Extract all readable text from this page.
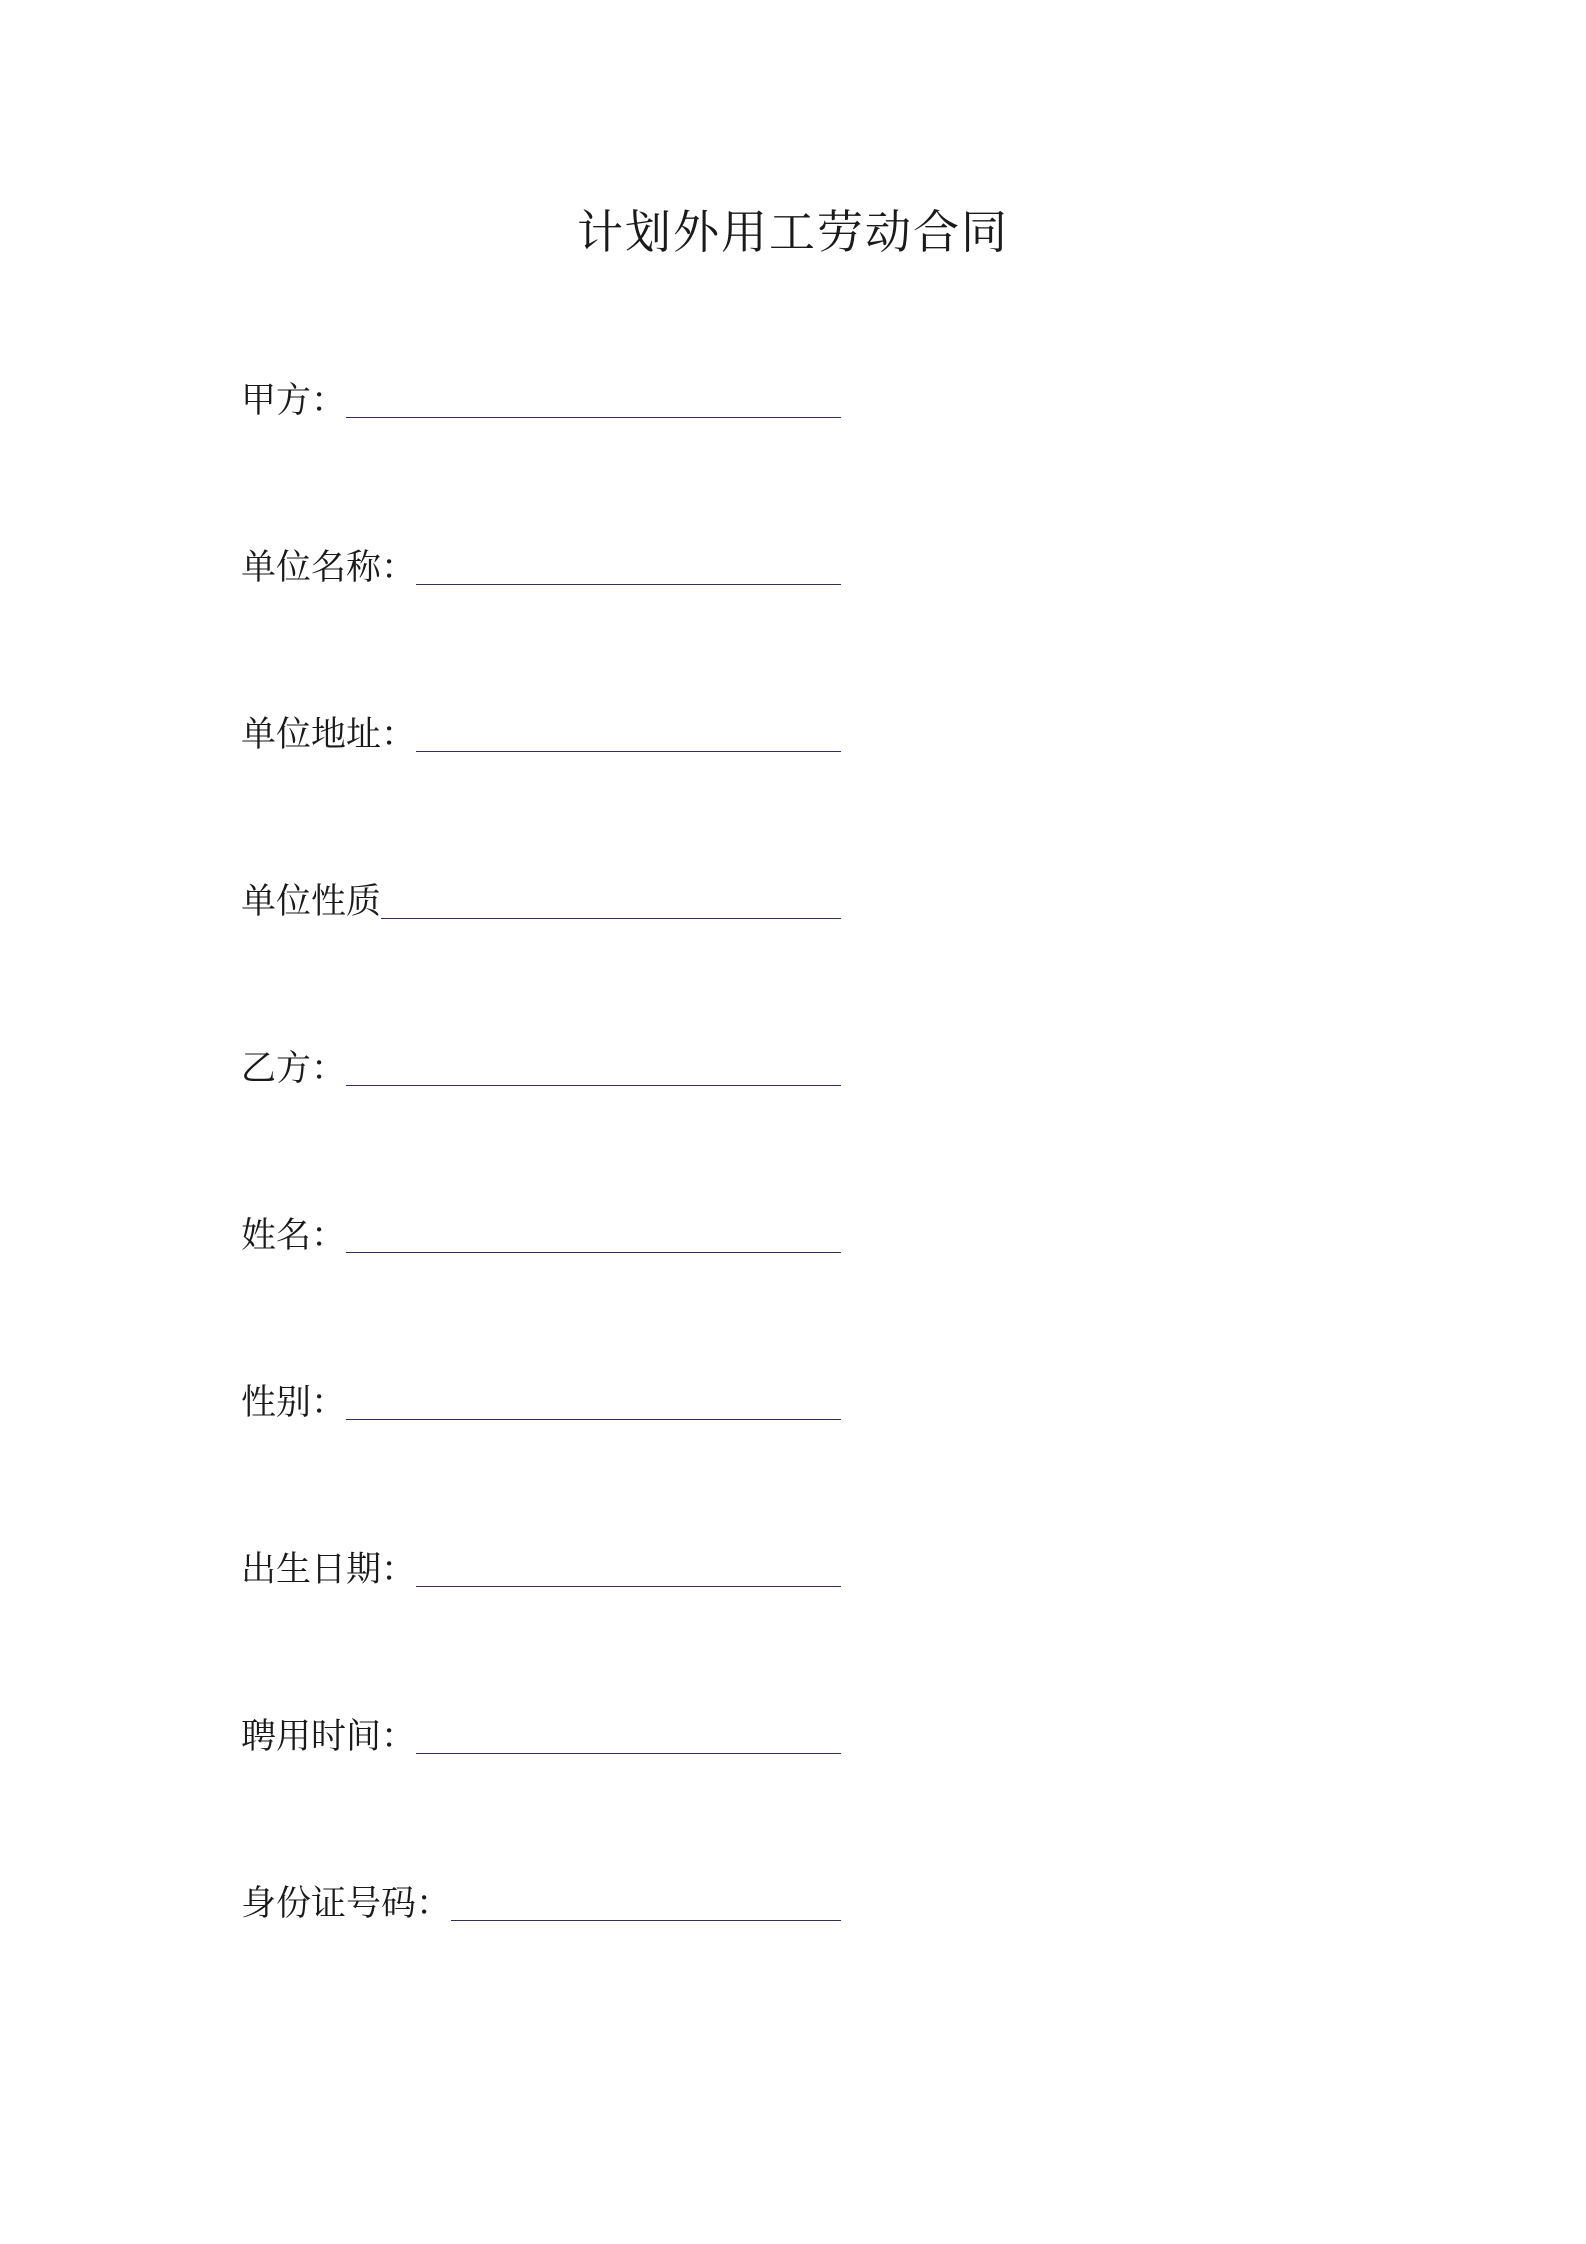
计划外用工劳动合同
甲方：
单位名称：
单位地址：
单位性质
乙方：
姓名：
性别：
出生日期：
聘用时间：
身份证号码：
